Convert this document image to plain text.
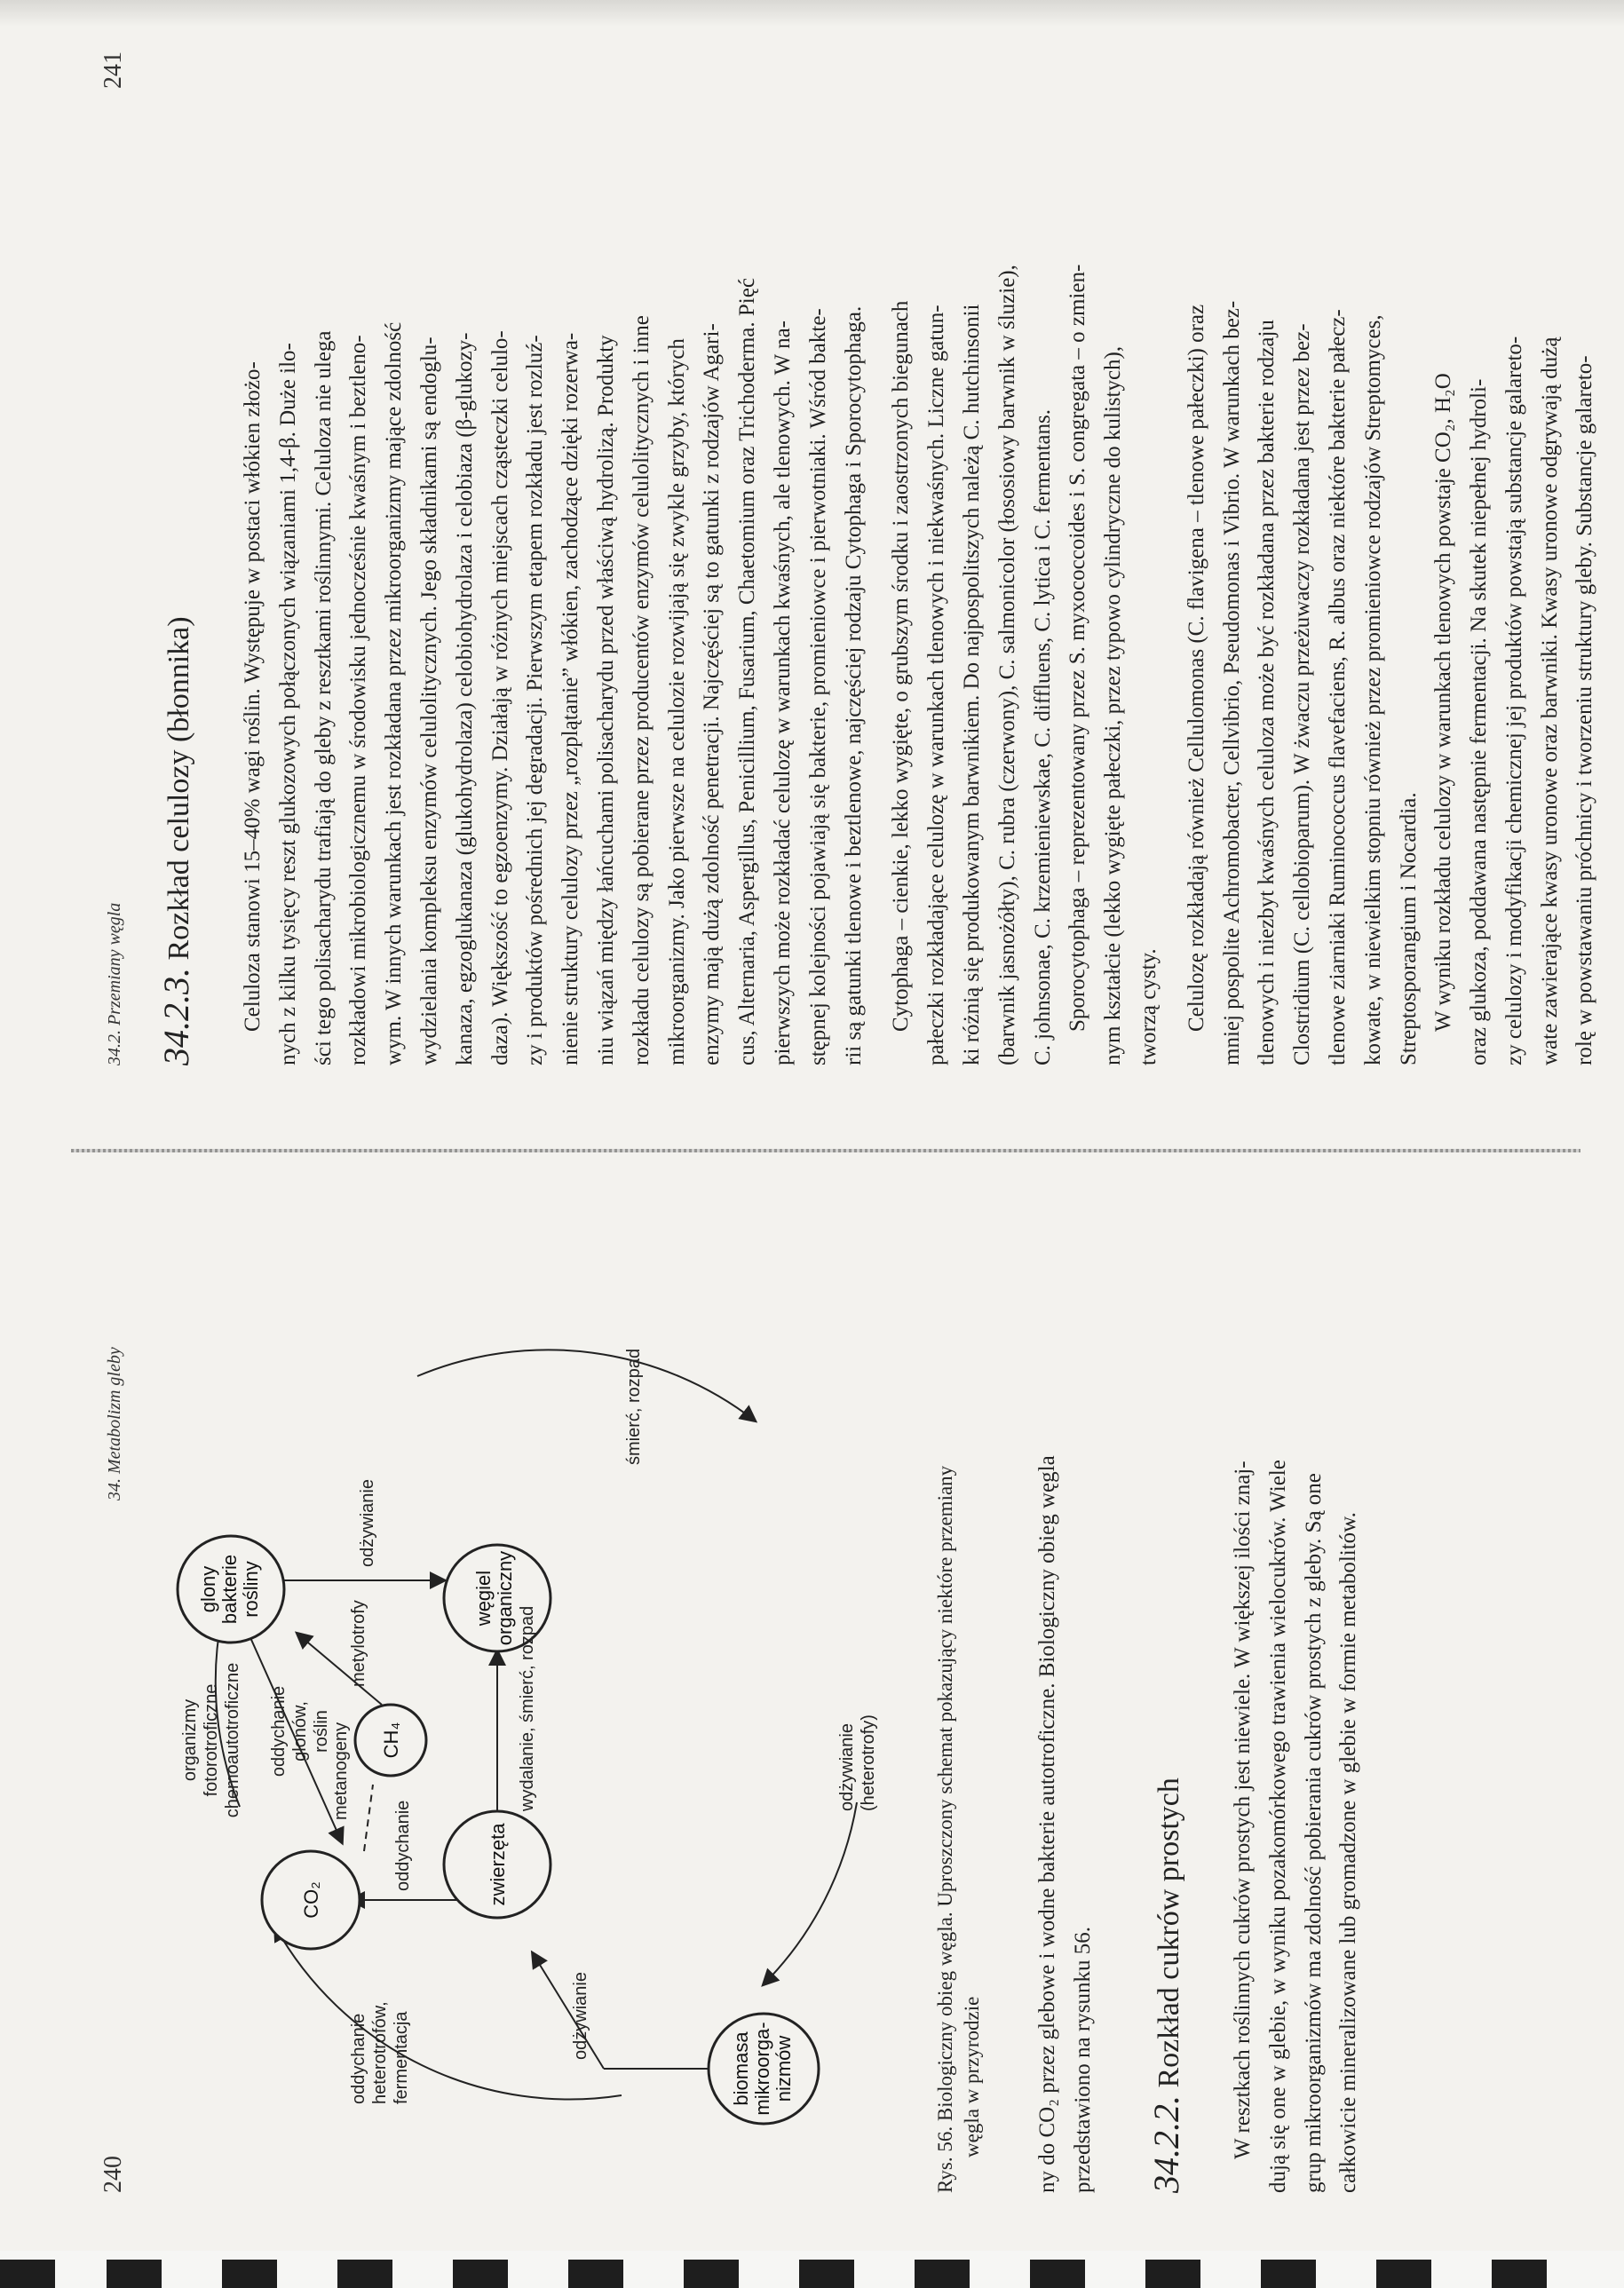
240
34. Metabolizm gleby
CO₂
CH₄
glony bakterie rośliny
zwierzęta
biomasa mikroorga- nizmów
węgiel organiczny
organizmy fotorotroficzne chemoautotroficzne oddychanie glonów, roślin metanogeny
metylotrofy
odżywianie
oddychanie
oddychanie heterotrofów, fermentacja	odżywianie
wydalanie, śmierć, rozpad
śmierć, rozpad
odżywianie (heterotrofy)	Rys. 56. Biologiczny obieg węgla. Uproszczony schemat pokazujący niektóre przemiany węgla w przyrodzie ny do CO₂ przez glebowe i wodne bakterie autotroficzne. Biologiczny obieg węgla przedstawiono na rysunku 56. 34.2.2. Rozkład cukrów prostych W resztkach roślinnych cukrów prostych jest niewiele. W większej ilości znaj- dują się one w glebie, w wyniku pozakomórkowego trawienia wielocukrów. Wiele grup mikroorganizmów ma zdolność pobierania cukrów prostych z gleby. Są one całkowicie mineralizowane lub gromadzone w glebie w formie metabolitów.
34.2. Przemiany węgla
241
34.2.3. Rozkład celulozy (błonnika) Celuloza stanowi 15–40% wagi roślin. Występuje w postaci włókien złożo- nych z kilku tysięcy reszt glukozowych połączonych wiązaniami 1,4-β. Duże ilo- ści tego polisacharydu trafiają do gleby z resztkami roślinnymi. Celuloza nie ulega rozkładowi mikrobiologicznemu w środowisku jednocześnie kwaśnym i beztleno- wym. W innych warunkach jest rozkładana przez mikroorganizmy mające zdolność wydzielania kompleksu enzymów celulolitycznych. Jego składnikami są endoglu- kanaza, egzoglukanaza (glukohydrolaza) celobiohydrolaza i celobiaza (β-glukozy- daza). Większość to egzoenzymy. Działają w różnych miejscach cząsteczki celulo- zy i produktów pośrednich jej degradacji. Pierwszym etapem rozkładu jest rozluź- nienie struktury celulozy przez „rozplątanie” włókien, zachodzące dzięki rozerwa- niu wiązań między łańcuchami polisacharydu przed właściwą hydrolizą. Produkty rozkładu celulozy są pobierane przez producentów enzymów celulolitycznych i inne mikroorganizmy. Jako pierwsze na celulozie rozwijają się zwykle grzyby, których enzymy mają dużą zdolność penetracji. Najczęściej są to gatunki z rodzajów Agari- cus, Alternaria, Aspergillus, Penicillium, Fusarium, Chaetomium oraz Trichoderma. Pięć pierwszych może rozkładać celulozę w warunkach kwaśnych, ale tlenowych. W na- stępnej kolejności pojawiają się bakterie, promieniowce i pierwotniaki. Wśród bakte- rii są gatunki tlenowe i beztlenowe, najczęściej rodzaju Cytophaga i Sporocytophaga. Cytophaga – cienkie, lekko wygięte, o grubszym środku i zaostrzonych biegunach pałeczki rozkładające celulozę w warunkach tlenowych i niekwaśnych. Liczne gatun- ki różnią się produkowanym barwnikiem. Do najpospolitszych należą C. hutchinsonii (barwnik jasnożółty), C. rubra (czerwony), C. salmonicolor (łososiowy barwnik w śluzie), C. johnsonae, C. krzemieniewskae, C. diffluens, C. lytica i C. fermentans. Sporocytophaga – reprezentowany przez S. myxococcoides i S. congregata – o zmien- nym kształcie (lekko wygięte pałeczki, przez typowo cylindryczne do kulistych), tworzą cysty. Celulozę rozkładają również Cellulomonas (C. flavigena – tlenowe pałeczki) oraz mniej pospolite Achromobacter, Cellvibrio, Pseudomonas i Vibrio. W warunkach bez- tlenowych i niezbyt kwaśnych celuloza może być rozkładana przez bakterie rodzaju Clostridium (C. cellobioparum). W żwaczu przeżuwaczy rozkładana jest przez bez- tlenowe ziarniaki Ruminococcus flavefaciens, R. albus oraz niektóre bakterie pałecz- kowate, w niewielkim stopniu również przez promieniowce rodzajów Streptomyces, Streptosporangium i Nocardia. W wyniku rozkładu celulozy w warunkach tlenowych powstaje CO₂, H₂O oraz glukoza, poddawana następnie fermentacji. Na skutek niepełnej hydroli- zy celulozy i modyfikacji chemicznej jej produktów powstają substancje galareto- wate zawierające kwasy uronowe oraz barwniki. Kwasy uronowe odgrywają dużą rolę w powstawaniu próchnicy i tworzeniu struktury gleby. Substancje galareto-
